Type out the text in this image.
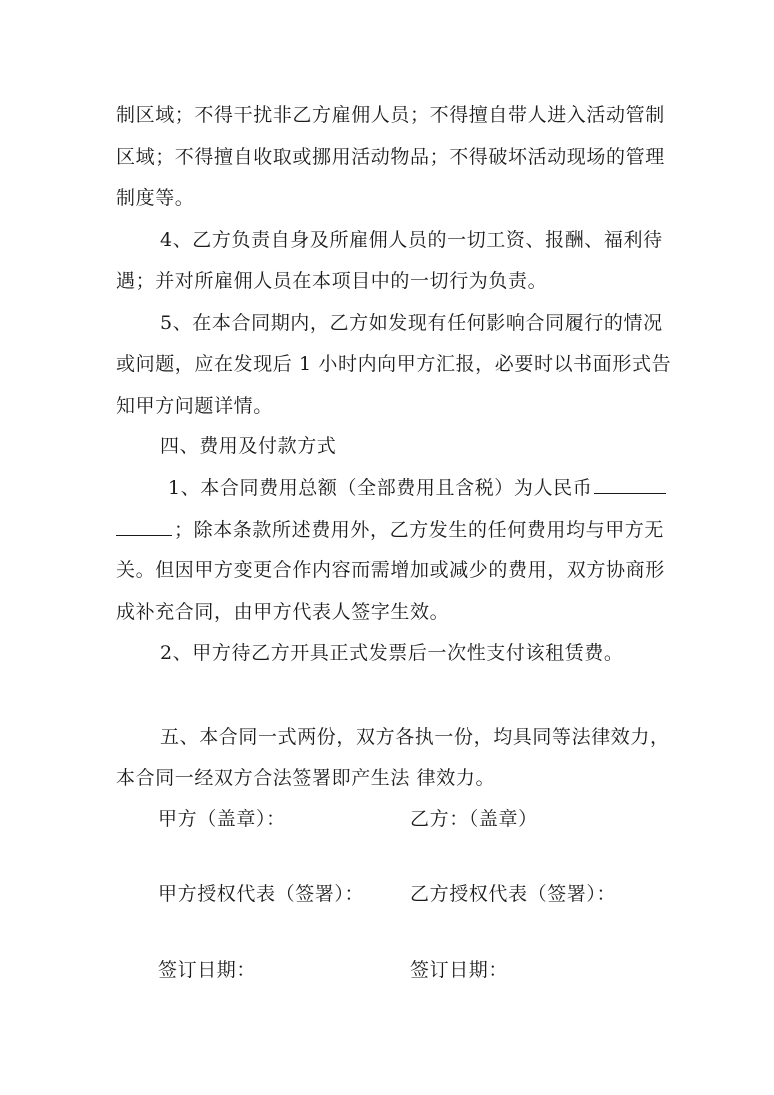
制区域；不得干扰非乙方雇佣人员；不得擅自带人进入活动管制
区域；不得擅自收取或挪用活动物品；不得破坏活动现场的管理
制度等。
4、乙方负责自身及所雇佣人员的一切工资、报酬、福利待
遇；并对所雇佣人员在本项目中的一切行为负责。
5、在本合同期内，乙方如发现有任何影响合同履行的情况
或问题，应在发现后 1 小时内向甲方汇报，必要时以书面形式告
知甲方问题详情。
四、费用及付款方式
1、本合同费用总额（全部费用且含税）为人民币
；除本条款所述费用外，乙方发生的任何费用均与甲方无
关。但因甲方变更合作内容而需增加或减少的费用，双方协商形
成补充合同，由甲方代表人签字生效。
2、甲方待乙方开具正式发票后一次性支付该租赁费。
五、本合同一式两份，双方各执一份，均具同等法律效力，
本合同一经双方合法签署即产生法 律效力。
甲方（盖章）：	乙方：（盖章）
甲方授权代表（签署）： 乙方授权代表（签署）：
签订日期：	签订日期：
